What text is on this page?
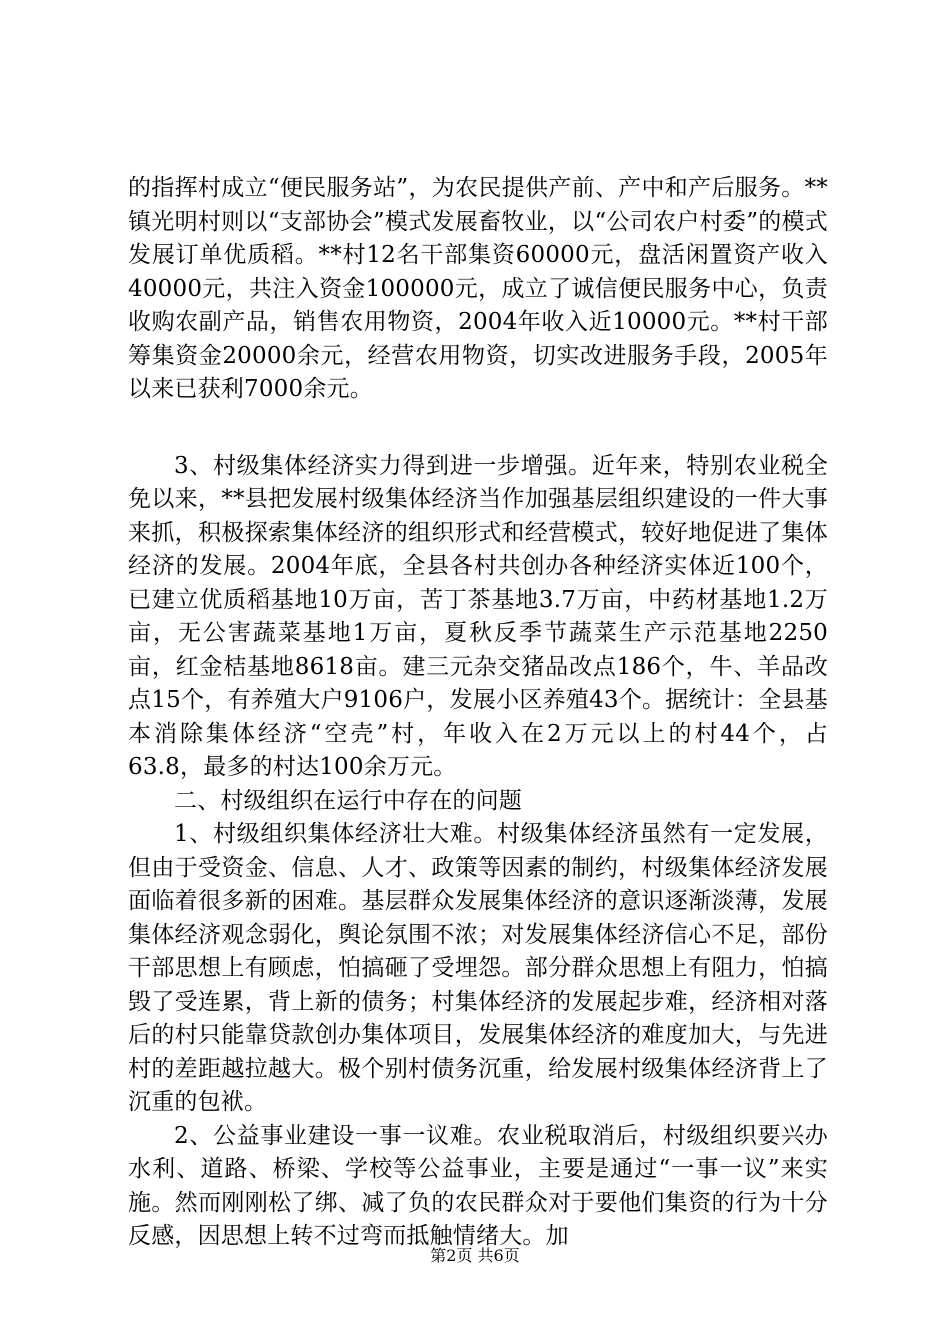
的指挥村成立“便民服务站”，为农民提供产前、产中和产后服务。**镇光明村则以“支部协会”模式发展畜牧业，以“公司农户村委”的模式发展订单优质稻。**村12名干部集资60000元，盘活闲置资产收入40000元，共注入资金100000元，成立了诚信便民服务中心，负责收购农副产品，销售农用物资，2004年收入近10000元。**村干部筹集资金20000余元，经营农用物资，切实改进服务手段，2005年以来已获利7000余元。

3、村级集体经济实力得到进一步增强。近年来，特别农业税全免以来，**县把发展村级集体经济当作加强基层组织建设的一件大事来抓，积极探索集体经济的组织形式和经营模式，较好地促进了集体经济的发展。2004年底，全县各村共创办各种经济实体近100个，已建立优质稻基地10万亩，苦丁茶基地3.7万亩，中药材基地1.2万亩，无公害蔬菜基地1万亩，夏秋反季节蔬菜生产示范基地2250亩，红金桔基地8618亩。建三元杂交猪品改点186个，牛、羊品改点15个，有养殖大户9106户，发展小区养殖43个。据统计：全县基本消除集体经济“空壳”村，年收入在2万元以上的村44个，占63.8，最多的村达100余万元。

二、村级组织在运行中存在的问题

1、村级组织集体经济壮大难。村级集体经济虽然有一定发展，但由于受资金、信息、人才、政策等因素的制约，村级集体经济发展面临着很多新的困难。基层群众发展集体经济的意识逐渐淡薄，发展集体经济观念弱化，舆论氛围不浓；对发展集体经济信心不足，部份干部思想上有顾虑，怕搞砸了受埋怨。部分群众思想上有阻力，怕搞毁了受连累，背上新的债务；村集体经济的发展起步难，经济相对落后的村只能靠贷款创办集体项目，发展集体经济的难度加大，与先进村的差距越拉越大。极个别村债务沉重，给发展村级集体经济背上了沉重的包袱。

2、公益事业建设一事一议难。农业税取消后，村级组织要兴办水利、道路、桥梁、学校等公益事业，主要是通过“一事一议”来实施。然而刚刚松了绑、减了负的农民群众对于要他们集资的行为十分反感，因思想上转不过弯而抵触情绪大。加

第2页 共6页
